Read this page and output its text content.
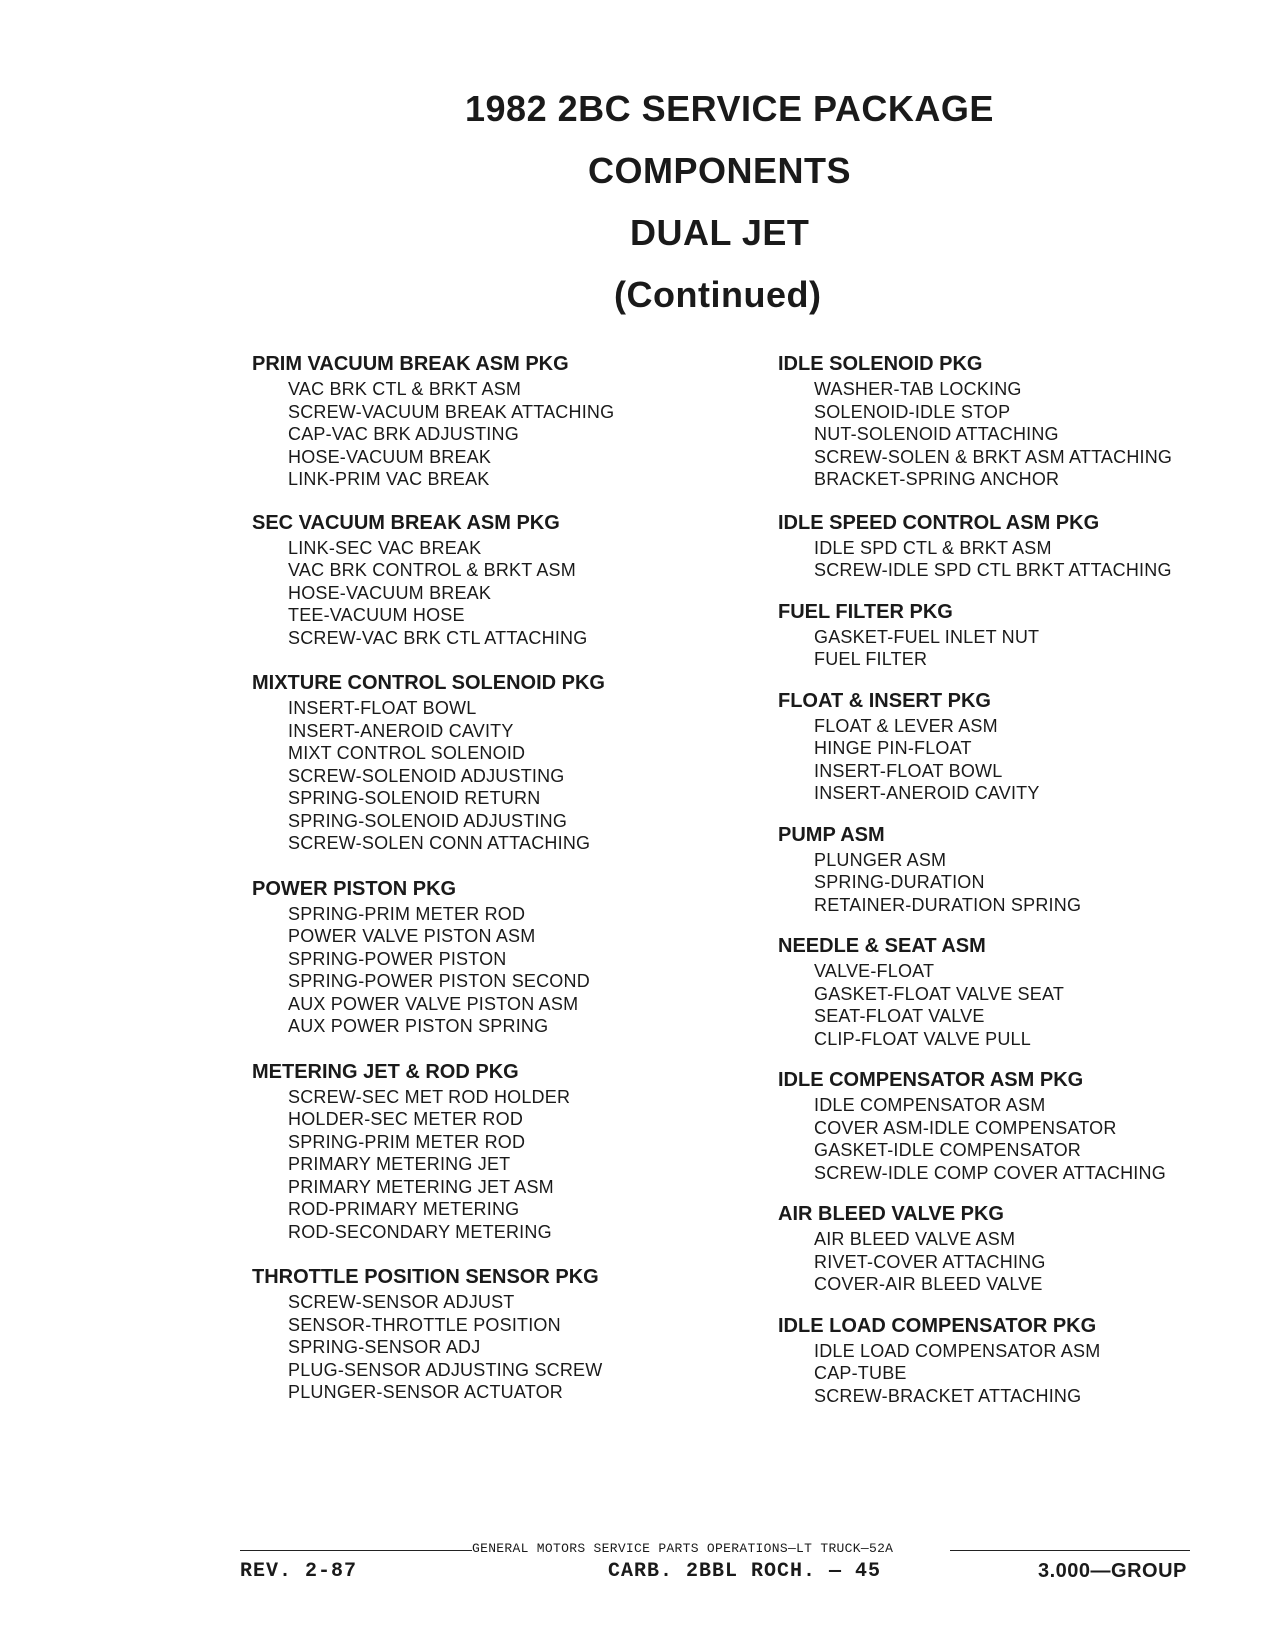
1982 2BC SERVICE PACKAGE
COMPONENTS
DUAL JET
(Continued)
PRIM VACUUM BREAK ASM PKG
VAC BRK CTL & BRKT ASM
SCREW-VACUUM BREAK ATTACHING
CAP-VAC BRK ADJUSTING
HOSE-VACUUM BREAK
LINK-PRIM VAC BREAK
SEC VACUUM BREAK ASM PKG
LINK-SEC VAC BREAK
VAC BRK CONTROL & BRKT ASM
HOSE-VACUUM BREAK
TEE-VACUUM HOSE
SCREW-VAC BRK CTL ATTACHING
MIXTURE CONTROL SOLENOID PKG
INSERT-FLOAT BOWL
INSERT-ANEROID CAVITY
MIXT CONTROL SOLENOID
SCREW-SOLENOID ADJUSTING
SPRING-SOLENOID RETURN
SPRING-SOLENOID ADJUSTING
SCREW-SOLEN CONN ATTACHING
POWER PISTON PKG
SPRING-PRIM METER ROD
POWER VALVE PISTON ASM
SPRING-POWER PISTON
SPRING-POWER PISTON SECOND
AUX POWER VALVE PISTON ASM
AUX POWER PISTON SPRING
METERING JET & ROD PKG
SCREW-SEC MET ROD HOLDER
HOLDER-SEC METER ROD
SPRING-PRIM METER ROD
PRIMARY METERING JET
PRIMARY METERING JET ASM
ROD-PRIMARY METERING
ROD-SECONDARY METERING
THROTTLE POSITION SENSOR PKG
SCREW-SENSOR ADJUST
SENSOR-THROTTLE POSITION
SPRING-SENSOR ADJ
PLUG-SENSOR ADJUSTING SCREW
PLUNGER-SENSOR ACTUATOR
IDLE SOLENOID PKG
WASHER-TAB LOCKING
SOLENOID-IDLE STOP
NUT-SOLENOID ATTACHING
SCREW-SOLEN & BRKT ASM ATTACHING
BRACKET-SPRING ANCHOR
IDLE SPEED CONTROL ASM PKG
IDLE SPD CTL & BRKT ASM
SCREW-IDLE SPD CTL BRKT ATTACHING
FUEL FILTER PKG
GASKET-FUEL INLET NUT
FUEL FILTER
FLOAT & INSERT PKG
FLOAT & LEVER ASM
HINGE PIN-FLOAT
INSERT-FLOAT BOWL
INSERT-ANEROID CAVITY
PUMP ASM
PLUNGER ASM
SPRING-DURATION
RETAINER-DURATION SPRING
NEEDLE & SEAT ASM
VALVE-FLOAT
GASKET-FLOAT VALVE SEAT
SEAT-FLOAT VALVE
CLIP-FLOAT VALVE PULL
IDLE COMPENSATOR ASM PKG
IDLE COMPENSATOR ASM
COVER ASM-IDLE COMPENSATOR
GASKET-IDLE COMPENSATOR
SCREW-IDLE COMP COVER ATTACHING
AIR BLEED VALVE PKG
AIR BLEED VALVE ASM
RIVET-COVER ATTACHING
COVER-AIR BLEED VALVE
IDLE LOAD COMPENSATOR PKG
IDLE LOAD COMPENSATOR ASM
CAP-TUBE
SCREW-BRACKET ATTACHING
GENERAL MOTORS SERVICE PARTS OPERATIONS—LT TRUCK—52A
REV. 2-87	CARB. 2BBL ROCH. — 45	3.000—GROUP
